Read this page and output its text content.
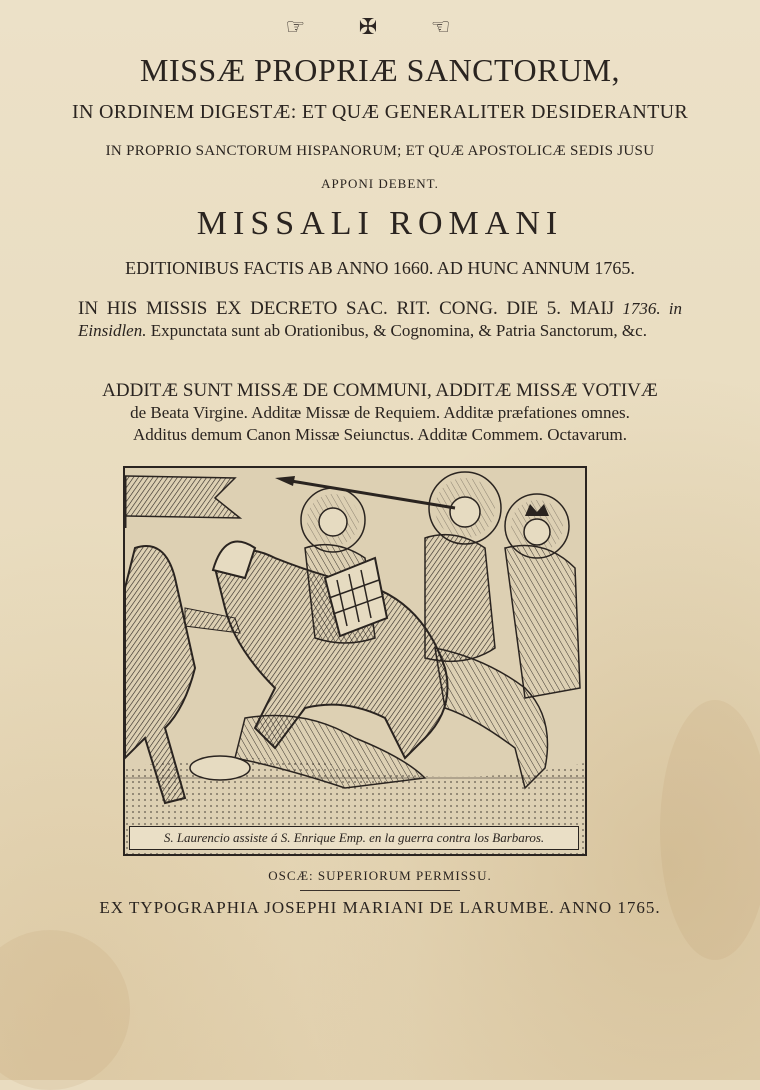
☞ ✠ ☜
MISSÆ PROPRIÆ SANCTORUM,
IN ORDINEM DIGESTÆ: ET QUÆ GENERALITER DESIDERANTUR
IN PROPRIO SANCTORUM HISPANORUM; ET QUÆ APOSTOLICÆ SEDIS JUSU
APPONI DEBENT.
MISSALI ROMANI
EDITIONIBUS FACTIS AB ANNO 1660. AD HUNC ANNUM 1765.
IN HIS MISSIS EX DECRETO SAC. RIT. CONG. DIE 5. MAIJ 1736. in Einsidlen. Expunctata sunt ab Orationibus, & Cognomina, & Patria Sanctorum, &c.
ADDITÆ SUNT MISSÆ DE COMMUNI, ADDITÆ MISSÆ VOTIVÆ
de Beata Virgine. Additæ Missæ de Requiem. Additæ præfationes omnes.
Additus demum Canon Missæ Seiunctus. Additæ Commem. Octavarum.
S. Laurencio assiste á S. Enrique Emp. en la guerra contra los Barbaros.
OSCÆ: SUPERIORUM PERMISSU.
EX TYPOGRAPHIA JOSEPHI MARIANI DE LARUMBE. ANNO 1765.
